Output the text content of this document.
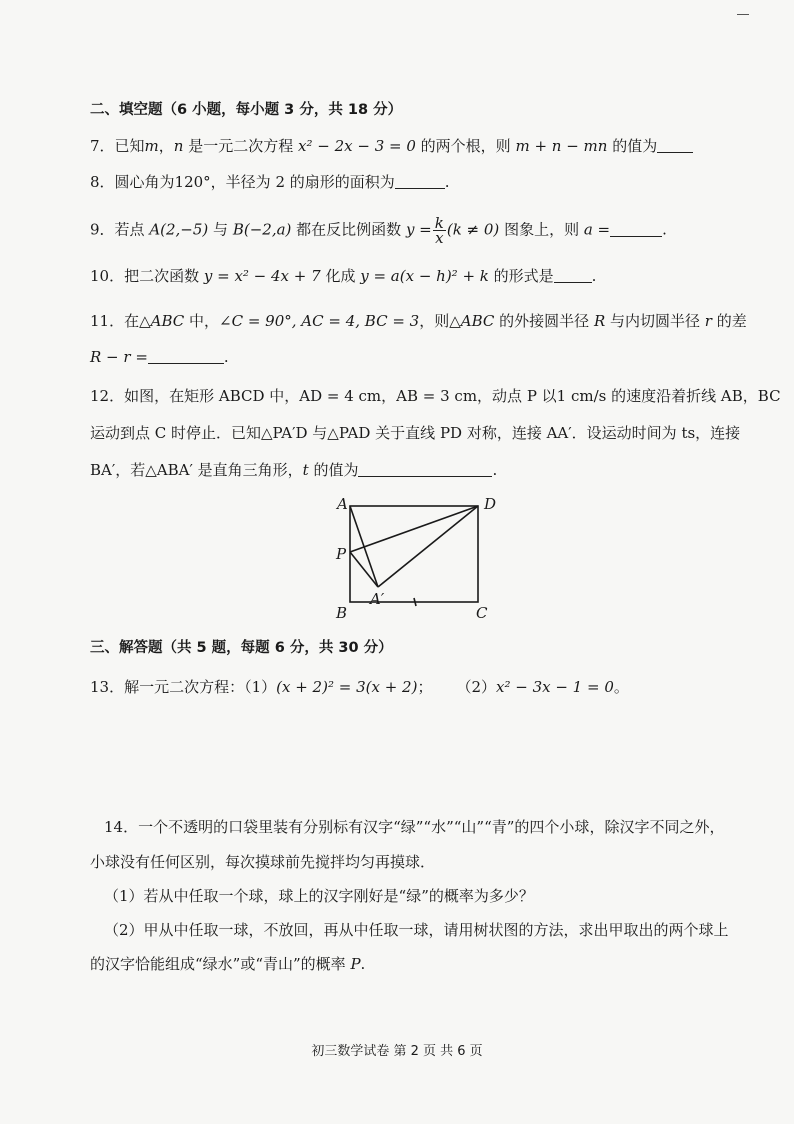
二、填空题（6 小题，每小题 3 分，共 18 分）
7．已知m，n 是一元二次方程 x² − 2x − 3 = 0 的两个根，则 m + n − mn 的值为
8．圆心角为120°，半径为 2 的扇形的面积为	.
9．若点 A(2,−5) 与 B(−2,a) 都在反比例函数 $y = \frac{k}{x} (k \ne 0)$ 图象上，则 a =	.
10．把二次函数 y = x² − 4x + 7 化成 y = a(x − h)² + k 的形式是	.
11．在△ABC 中，∠C = 90°, AC = 4, BC = 3，则△ABC 的外接圆半径 R 与内切圆半径 r 的差
R − r =	.
12．如图，在矩形 ABCD 中，AD = 4 cm，AB = 3 cm，动点 P 以1 cm/s 的速度沿着折线 AB，BC
运动到点 C 时停止．已知△PA′D 与△PAD 关于直线 PD 对称，连接 AA′．设运动时间为 ts，连接
BA′，若△ABA′ 是直角三角形，t 的值为	.
A	D
P
A′
B	C
三、解答题（共 5 题，每题 6 分，共 30 分）
13．解一元二次方程：（1）(x + 2)² = 3(x + 2)； （2）x² − 3x − 1 = 0。
14．一个不透明的口袋里装有分别标有汉字“绿”“水”“山”“青”的四个小球，除汉字不同之外，
小球没有任何区别，每次摸球前先搅拌均匀再摸球．
（1）若从中任取一个球，球上的汉字刚好是“绿”的概率为多少？
（2）甲从中任取一球，不放回，再从中任取一球，请用树状图的方法，求出甲取出的两个球上
的汉字恰能组成“绿水”或“青山”的概率 P.
初三数学试卷 第 2 页 共 6 页
